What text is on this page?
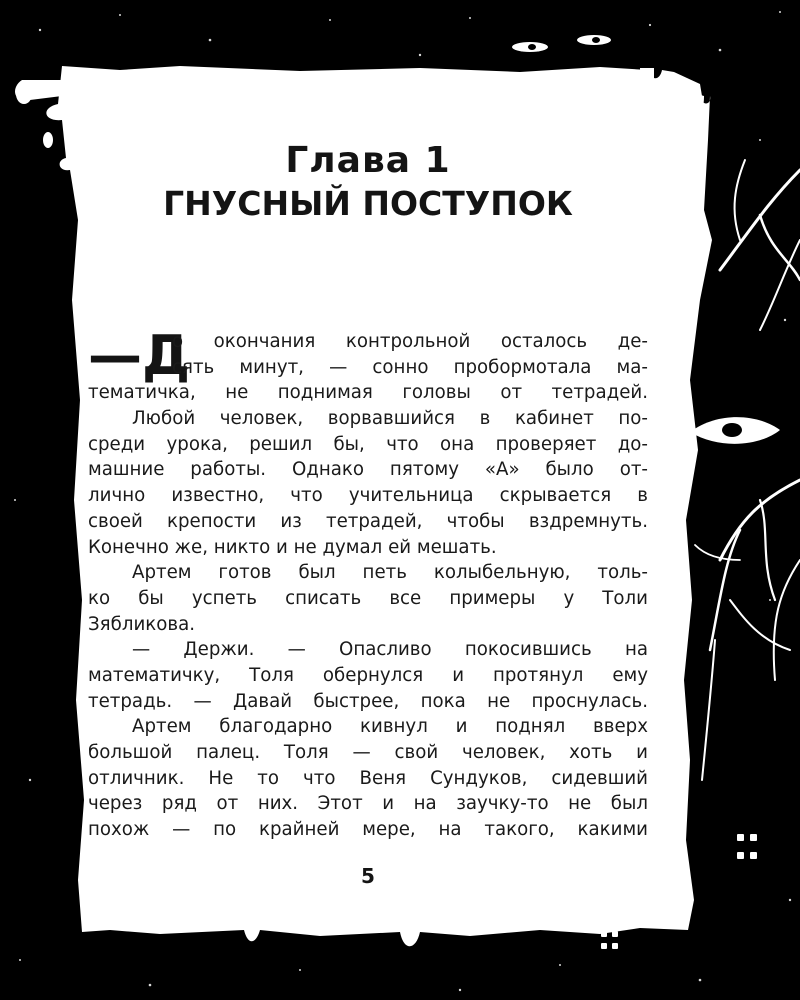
Глава 1
ГНУСНЫЙ ПОСТУПОК
—Д
о окончания контрольной осталось де-
сять минут, — сонно пробормотала ма-
тематичка, не поднимая головы от тетрадей.
Любой человек, ворвавшийся в кабинет по-
среди урока, решил бы, что она проверяет до-
машние работы. Однако пятому «А» было от-
лично известно, что учительница скрывается в
своей крепости из тетрадей, чтобы вздремнуть.
Конечно же, никто и не думал ей мешать.
Артем готов был петь колыбельную, толь-
ко бы успеть списать все примеры у Толи
Зябликова.
— Держи. — Опасливо покосившись на
математичку, Толя обернулся и протянул ему
тетрадь. — Давай быстрее, пока не проснулась.
Артем благодарно кивнул и поднял вверх
большой палец. Толя — свой человек, хоть и
отличник. Не то что Веня Сундуков, сидевший
через ряд от них. Этот и на заучку-то не был
похож — по крайней мере, на такого, какими
5
